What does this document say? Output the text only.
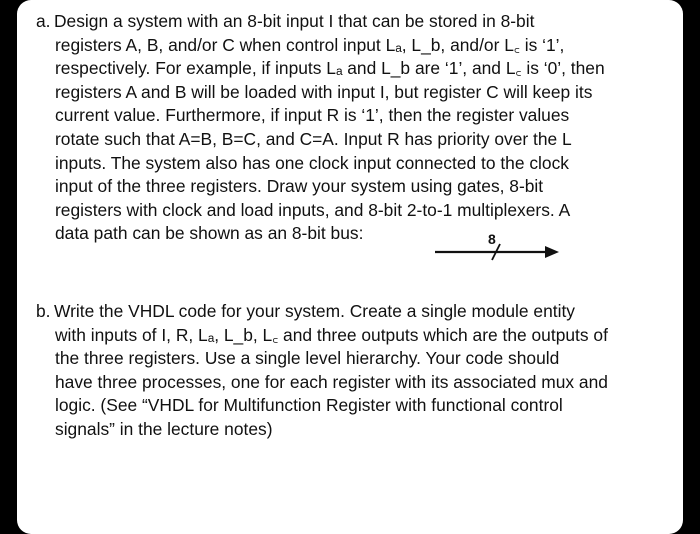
a. Design a system with an 8-bit input I that can be stored in 8-bit
registers A, B, and/or C when control input Lₐ, L_b, and/or L꜀ is ‘1’,
respectively. For example, if inputs Lₐ and L_b are ‘1’, and L꜀ is ‘0’, then
registers A and B will be loaded with input I, but register C will keep its
current value. Furthermore, if input R is ‘1’, then the register values
rotate such that A=B, B=C, and C=A. Input R has priority over the L
inputs. The system also has one clock input connected to the clock
input of the three registers. Draw your system using gates, 8-bit
registers with clock and load inputs, and 8-bit 2-to-1 multiplexers. A
data path can be shown as an 8-bit bus:	8
b. Write the VHDL code for your system. Create a single module entity
with inputs of I, R, Lₐ, L_b, L꜀ and three outputs which are the outputs of
the three registers. Use a single level hierarchy. Your code should
have three processes, one for each register with its associated mux and
logic. (See “VHDL for Multifunction Register with functional control
signals” in the lecture notes)
